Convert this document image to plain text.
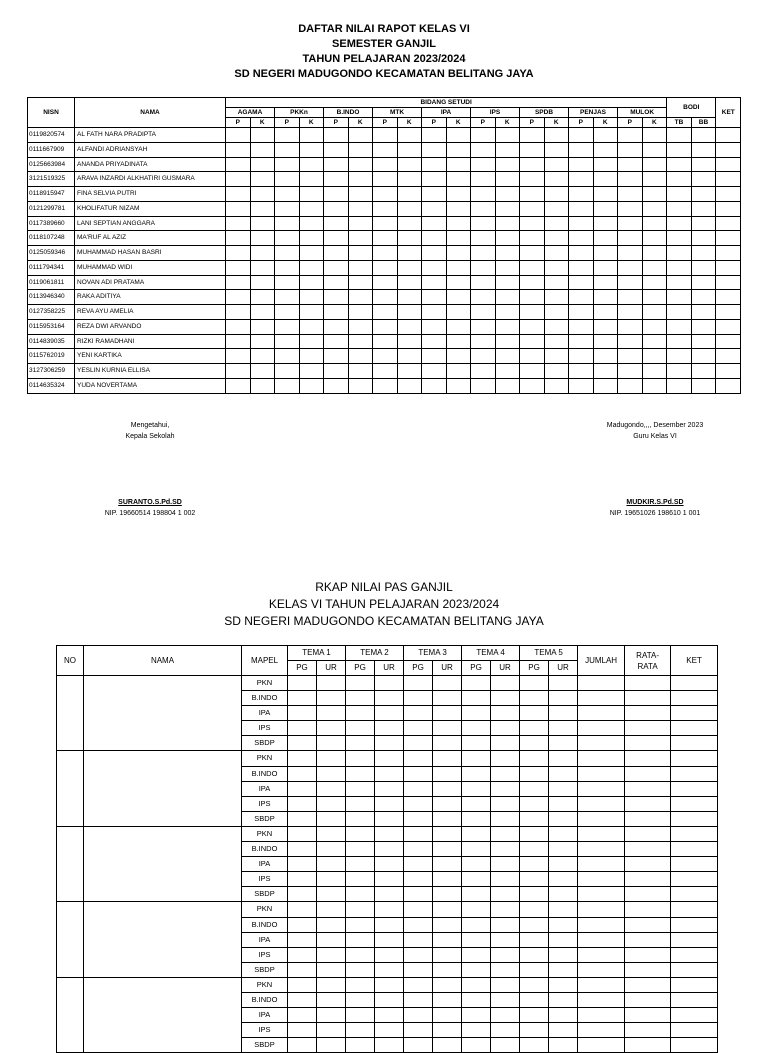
DAFTAR NILAI RAPOT KELAS VI
SEMESTER GANJIL
TAHUN PELAJARAN 2023/2024
SD NEGERI MADUGONDO KECAMATAN BELITANG JAYA
NISN	NAMA	BIDANG SETUDI																		BODI		KET
		AGAMA		PKKn		B.INDO		MTK		IPA		IPS		SPDB		PENJAS		MULOK				
		P	K	P	K	P	K	P	K	P	K	P	K	P	K	P	K	P	K	TB	BB	
0119820574	AL FATH NARA PRADIPTA																					
0111667909	ALFANDI ADRIANSYAH																					
0125663984	ANANDA PRIYADINATA																					
3121519325	ARAVA INZARDI ALKHATIRI GUSMARA																					
0118915947	FINA SELVIA PUTRI																					
0121299781	KHOLIFATUR NIZAM																					
0117389660	LANI SEPTIAN ANGGARA																					
0118107248	MA'RUF AL AZIZ																					
0125059346	MUHAMMAD HASAN BASRI																					
0111794341	MUHAMMAD WIDI																					
0119061811	NOVAN ADI PRATAMA																					
0113946340	RAKA ADITIYA																					
0127358225	REVA AYU AMELIA																					
0115953164	REZA DWI ARVANDO																					
0114839035	RIZKI RAMADHANI																					
0115762019	YENI KARTIKA																					
3127306259	YESLIN KURNIA ELLISA																					
0114635324	YUDA NOVERTAMA																					
Mengetahui,
Kepala Sekolah
SURANTO.S.Pd.SD
NIP. 19660514 198804 1 002
Madugondo,,,, Desember 2023
Guru Kelas VI
MUDKIR.S.Pd.SD
NIP. 19651026 198610 1 001
RKAP NILAI PAS GANJIL
KELAS VI TAHUN PELAJARAN 2023/2024
SD NEGERI MADUGONDO KECAMATAN BELITANG JAYA
NO	NAMA	MAPEL	TEMA 1		TEMA 2		TEMA 3		TEMA 4		TEMA 5		JUMLAH	RATA-RATA	KET
			PG	UR	PG	UR	PG	UR	PG	UR	PG	UR			
		PKN													
		B.INDO													
		IPA													
		IPS													
		SBDP													
		PKN													
		B.INDO													
		IPA													
		IPS													
		SBDP													
		PKN													
		B.INDO													
		IPA													
		IPS													
		SBDP													
		PKN													
		B.INDO													
		IPA													
		IPS													
		SBDP													
		PKN													
		B.INDO													
		IPA													
		IPS													
		SBDP													
